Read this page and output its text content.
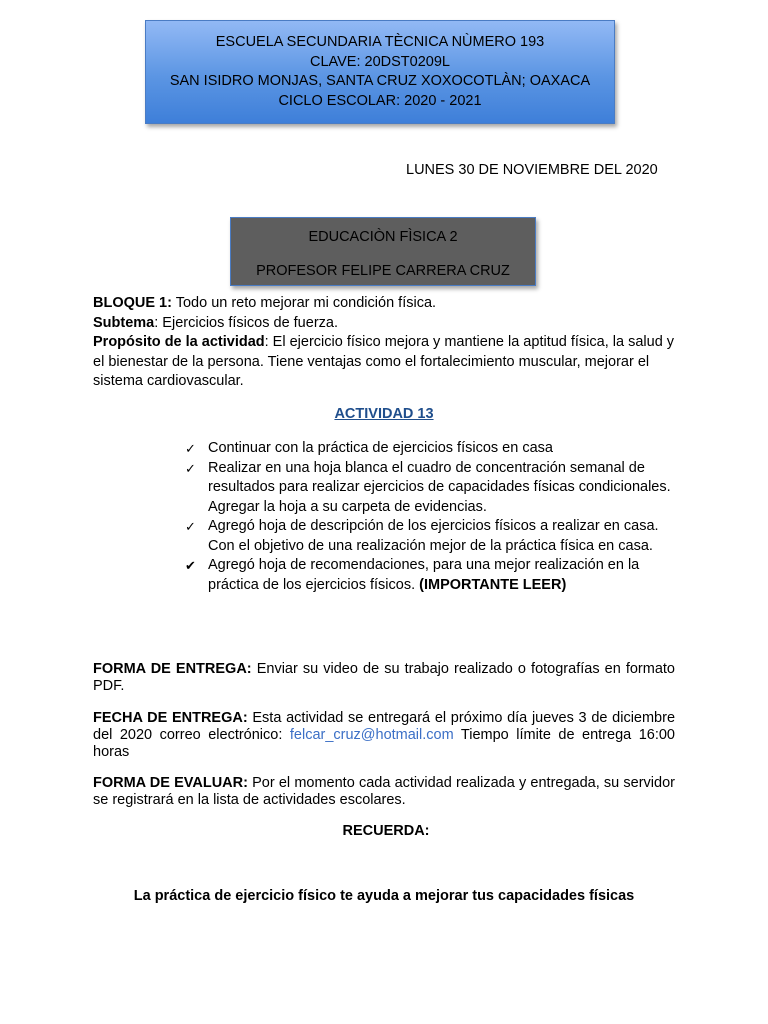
ESCUELA SECUNDARIA TÈCNICA NÙMERO 193
CLAVE: 20DST0209L
SAN ISIDRO MONJAS, SANTA CRUZ XOXOCOTLÀN; OAXACA
CICLO ESCOLAR: 2020 - 2021
LUNES 30 DE NOVIEMBRE DEL 2020
EDUCACIÒN FÌSICA 2
PROFESOR FELIPE CARRERA CRUZ
BLOQUE 1: Todo un reto mejorar mi condición física.
Subtema: Ejercicios físicos de fuerza.
Propósito de la actividad: El ejercicio físico mejora y mantiene la aptitud física, la salud y el bienestar de la persona. Tiene ventajas como el fortalecimiento muscular, mejorar el sistema cardiovascular.
ACTIVIDAD 13
✓ Continuar con la práctica de ejercicios físicos en casa
✓ Realizar en una hoja blanca el cuadro de concentración semanal de resultados para realizar ejercicios de capacidades físicas condicionales. Agregar la hoja a su carpeta de evidencias.
✓ Agregó hoja de descripción de los ejercicios físicos a realizar en casa. Con el objetivo de una realización mejor de la práctica física en casa.
✔ Agregó hoja de recomendaciones, para una mejor realización en la práctica de los ejercicios físicos. (IMPORTANTE LEER)
FORMA DE ENTREGA: Enviar su video de su trabajo realizado o fotografías en formato PDF.
FECHA DE ENTREGA: Esta actividad se entregará el próximo día jueves 3 de diciembre del 2020 correo electrónico: felcar_cruz@hotmail.com Tiempo límite de entrega 16:00 horas
FORMA DE EVALUAR: Por el momento cada actividad realizada y entregada, su servidor se registrará en la lista de actividades escolares.
RECUERDA:
La práctica de ejercicio físico te ayuda a mejorar tus capacidades físicas
